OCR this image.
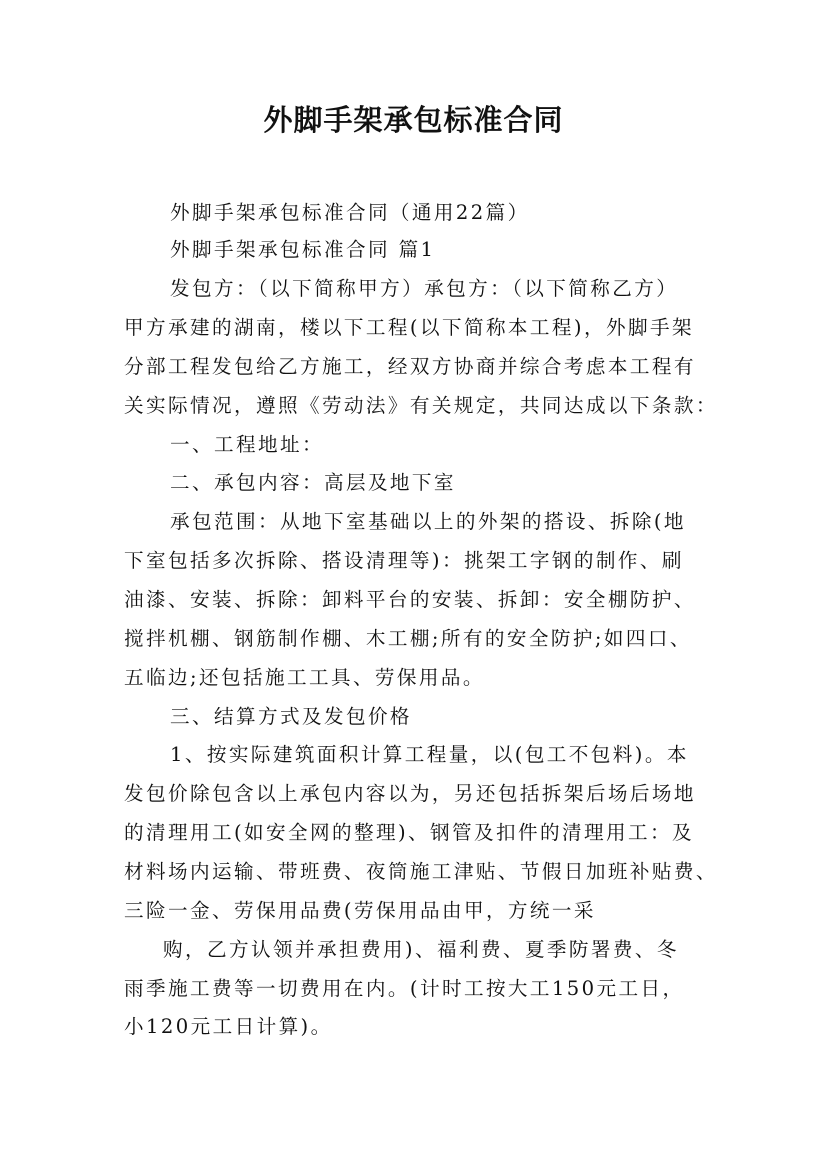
外脚手架承包标准合同
外脚手架承包标准合同（通用22篇）
外脚手架承包标准合同 篇1
发包方：（以下简称甲方）承包方：（以下简称乙方）
甲方承建的湖南，楼以下工程(以下简称本工程)，外脚手架
分部工程发包给乙方施工，经双方协商并综合考虑本工程有
关实际情况，遵照《劳动法》有关规定，共同达成以下条款：
一、工程地址：
二、承包内容：高层及地下室
承包范围：从地下室基础以上的外架的搭设、拆除(地
下室包括多次拆除、搭设清理等)：挑架工字钢的制作、刷
油漆、安装、拆除：卸料平台的安装、拆卸：安全棚防护、
搅拌机棚、钢筋制作棚、木工棚;所有的安全防护;如四口、
五临边;还包括施工工具、劳保用品。
三、结算方式及发包价格
1、按实际建筑面积计算工程量，以(包工不包料)。本
发包价除包含以上承包内容以为，另还包括拆架后场后场地
的清理用工(如安全网的整理)、钢管及扣件的清理用工：及
材料场内运输、带班费、夜筒施工津贴、节假日加班补贴费、
三险一金、劳保用品费(劳保用品由甲，方统一采
购，乙方认领并承担费用)、福利费、夏季防署费、冬
雨季施工费等一切费用在内。(计时工按大工150元工日，
小120元工日计算)。
